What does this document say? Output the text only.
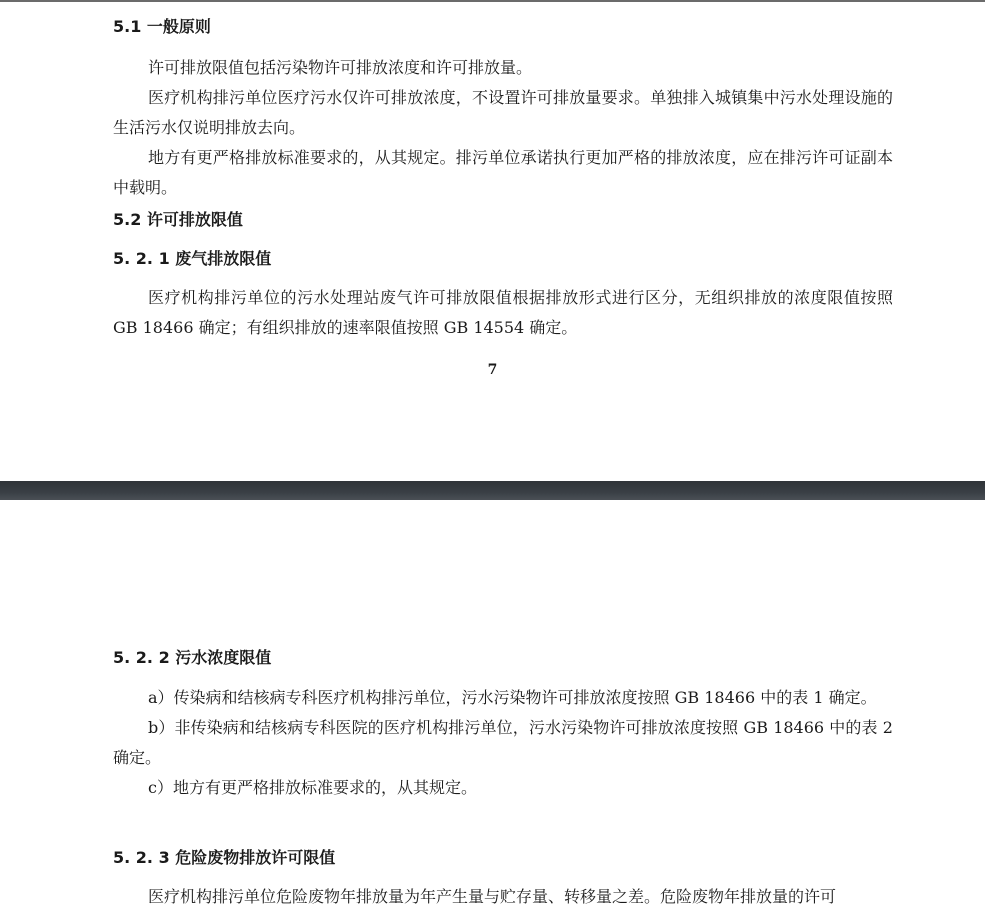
5.1 一般原则

许可排放限值包括污染物许可排放浓度和许可排放量。

医疗机构排污单位医疗污水仅许可排放浓度，不设置许可排放量要求。单独排入城镇集中污水处理设施的生活污水仅说明排放去向。

地方有更严格排放标准要求的，从其规定。排污单位承诺执行更加严格的排放浓度，应在排污许可证副本中载明。

5.2 许可排放限值
5. 2. 1 废气排放限值

医疗机构排污单位的污水处理站废气许可排放限值根据排放形式进行区分，无组织排放的浓度限值按照 GB 18466 确定；有组织排放的速率限值按照 GB 14554 确定。

7
5. 2. 2 污水浓度限值

a）传染病和结核病专科医疗机构排污单位，污水污染物许可排放浓度按照 GB 18466 中的表 1 确定。

b）非传染病和结核病专科医院的医疗机构排污单位，污水污染物许可排放浓度按照 GB 18466 中的表 2 确定。

c）地方有更严格排放标准要求的，从其规定。

5. 2. 3 危险废物排放许可限值

医疗机构排污单位危险废物年排放量为年产生量与贮存量、转移量之差。危险废物年排放量的许可
